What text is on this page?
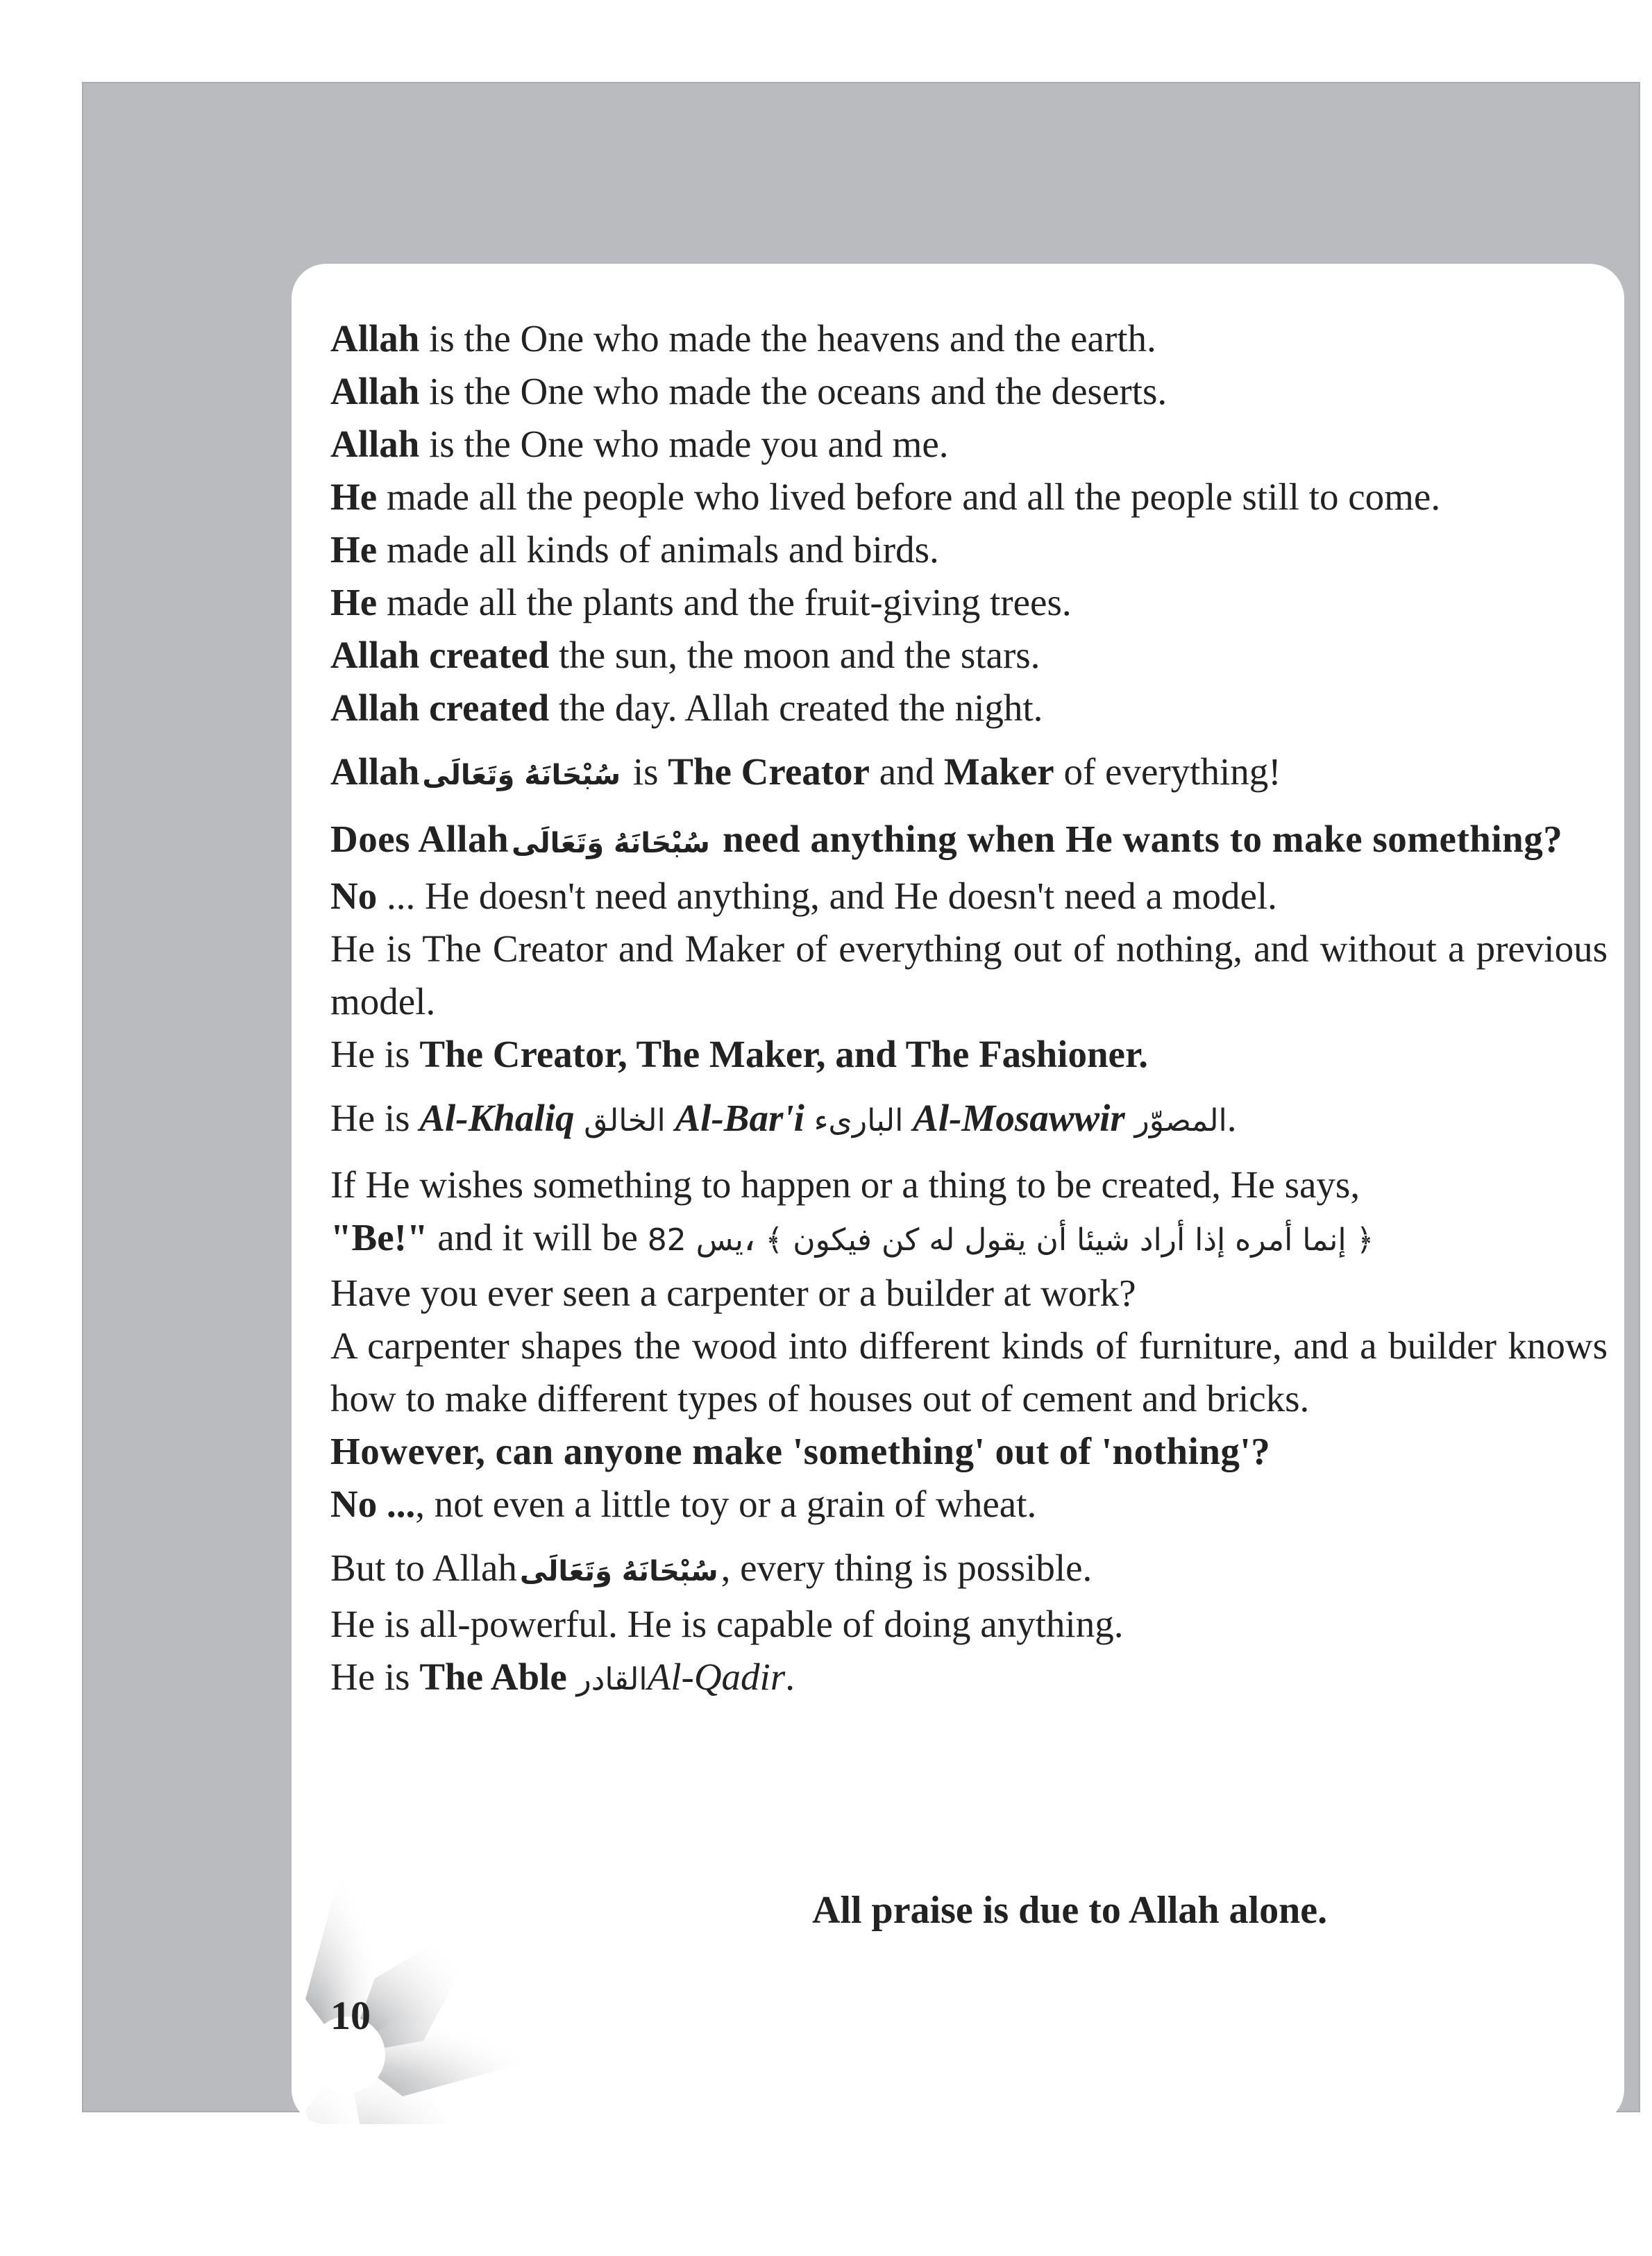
Allah is the One who made the heavens and the earth.

Allah is the One who made the oceans and the deserts.

Allah is the One who made you and me.

He made all the people who lived before and all the people still to come.

He made all kinds of animals and birds.

He made all the plants and the fruit-giving trees.

Allah created the sun, the moon and the stars.

Allah created the day. Allah created the night.

Allah سُبْحَانَهُ وَتَعَالَى is The Creator and Maker of everything!

Does Allah سُبْحَانَهُ وَتَعَالَى need anything when He wants to make something?

No ... He doesn't need anything, and He doesn't need a model.

He is The Creator and Maker of everything out of nothing, and without a previous model.

He is The Creator, The Maker, and The Fashioner.

He is Al-Khaliq الخالق Al-Bar'i البارىء Al-Mosawwir المصوّر.

If He wishes something to happen or a thing to be created, He says,

"Be!" and it will be يس 82، ﴿ إنما أمره إذا أراد شيئا أن يقول له كن فيكون ﴾

Have you ever seen a carpenter or a builder at work?

A carpenter shapes the wood into different kinds of furniture, and a builder knows how to make different types of houses out of cement and bricks.

However, can anyone make 'something' out of 'nothing'?

No ..., not even a little toy or a grain of wheat.

But to Allah سُبْحَانَهُ وَتَعَالَى, every thing is possible.

He is all-powerful. He is capable of doing anything.

He is The Able القادرAl-Qadir.

All praise is due to Allah alone.
10
